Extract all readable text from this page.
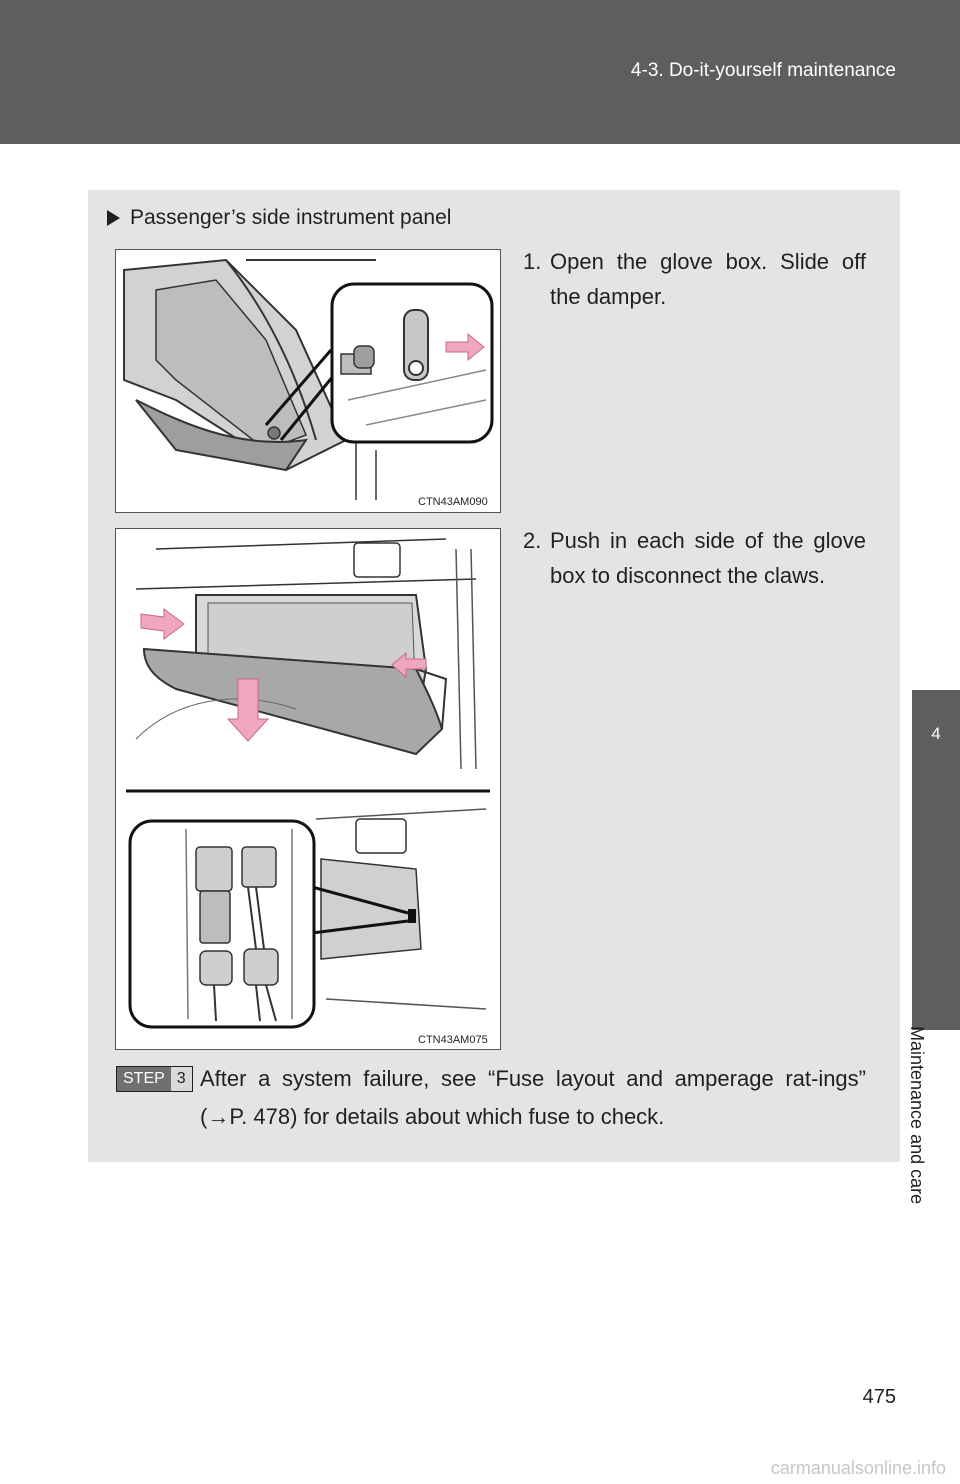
4-3. Do-it-yourself maintenance
4
Maintenance and care
Passenger’s side instrument panel
CTN43AM090
CTN43AM075
1. Open the glove box. Slide off the damper.
2. Push in each side of the glove box to disconnect the claws.
STEP 3 After a system failure, see “Fuse layout and amperage rat-ings” (→P. 478) for details about which fuse to check.
475
carmanualsonline.info
